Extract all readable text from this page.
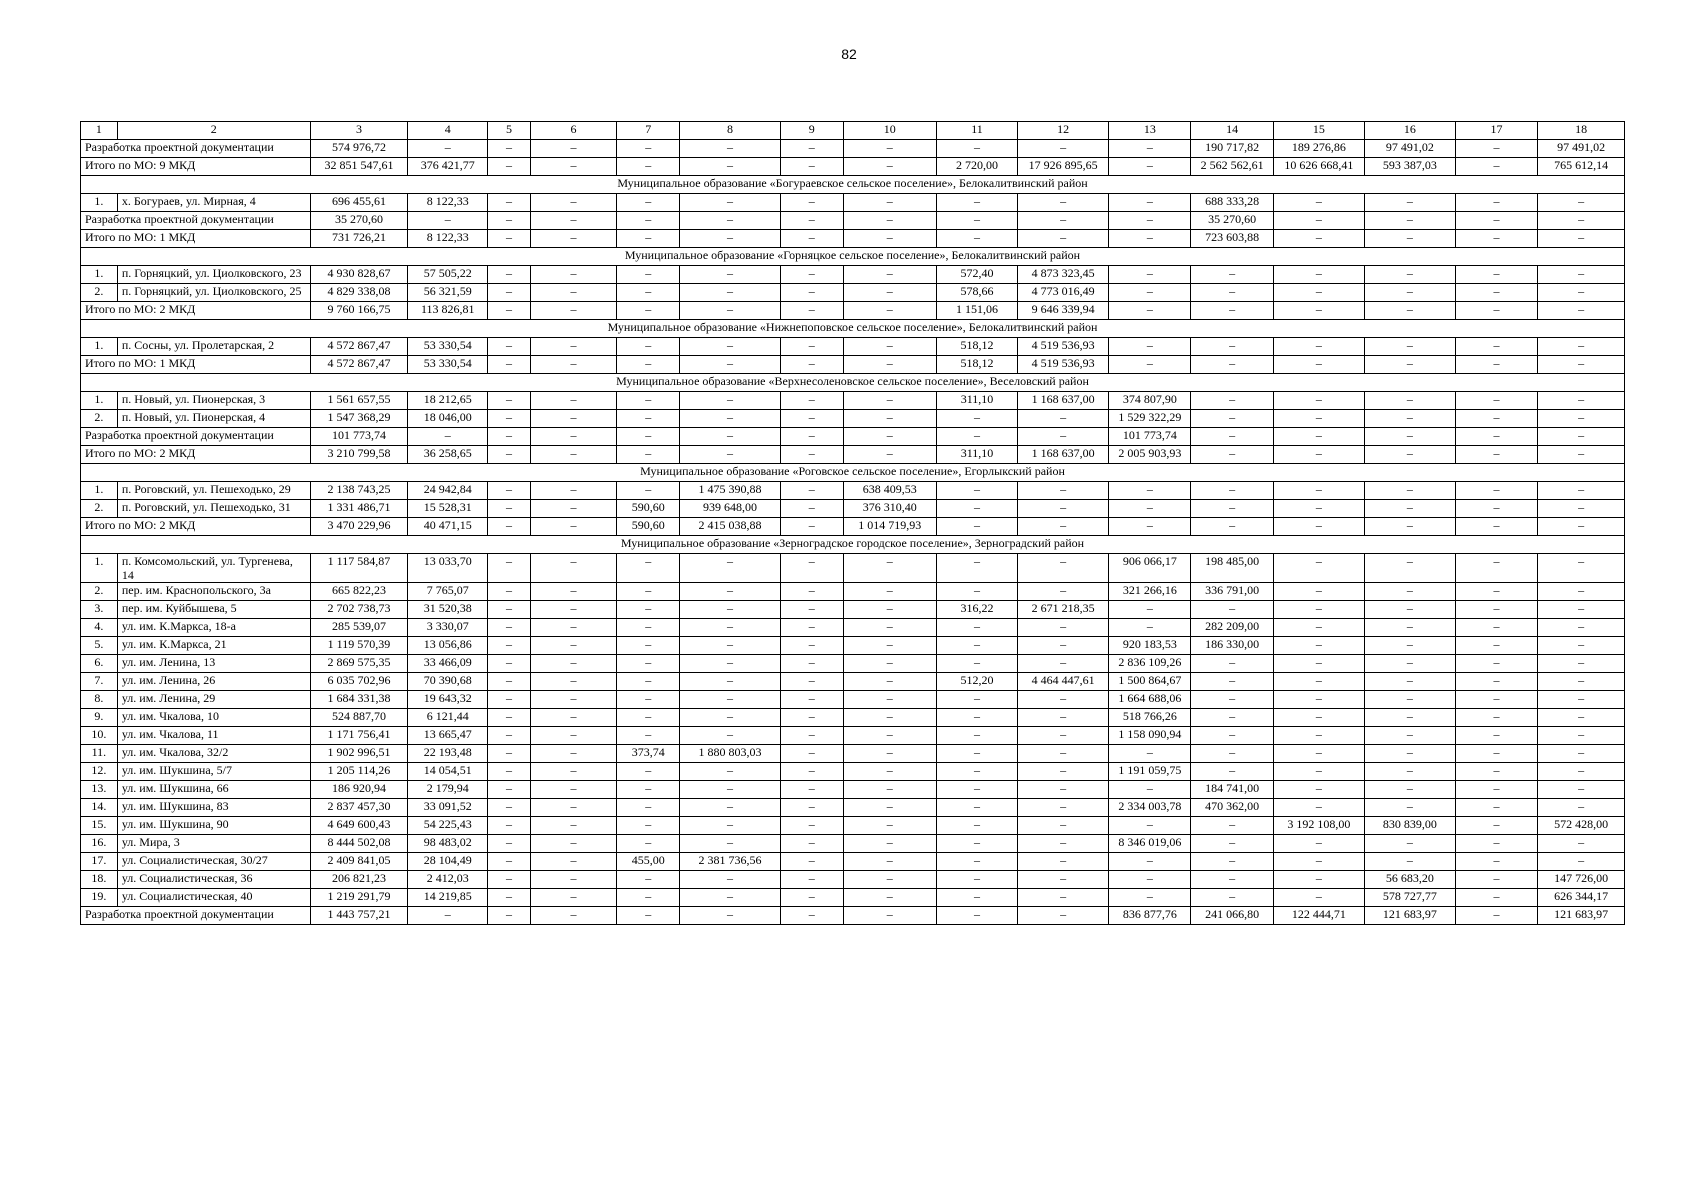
82
1	2	3	4	5	6	7	8	9	10	11	12	13	14	15	16	17	18
Разработка проектной документации		574 976,72	–	–	–	–	–	–	–	–	–	–	190 717,82	189 276,86	97 491,02	–	97 491,02
Итого по МО: 9 МКД		32 851 547,61	376 421,77	–	–	–	–	–	–	2 720,00	17 926 895,65	–	2 562 562,61	10 626 668,41	593 387,03	–	765 612,14
Муниципальное образование «Богураевское сельское поселение», Белокалитвинский район																	
1.	х. Богураев, ул. Мирная, 4	696 455,61	8 122,33	–	–	–	–	–	–	–	–	–	688 333,28	–	–	–	–
Разработка проектной документации		35 270,60	–	–	–	–	–	–	–	–	–	–	35 270,60	–	–	–	–
Итого по МО: 1 МКД		731 726,21	8 122,33	–	–	–	–	–	–	–	–	–	723 603,88	–	–	–	–
Муниципальное образование «Горняцкое сельское поселение», Белокалитвинский район																	
1.	п. Горняцкий, ул. Циолковского, 23	4 930 828,67	57 505,22	–	–	–	–	–	–	572,40	4 873 323,45	–	–	–	–	–	–
2.	п. Горняцкий, ул. Циолковского, 25	4 829 338,08	56 321,59	–	–	–	–	–	–	578,66	4 773 016,49	–	–	–	–	–	–
Итого по МО: 2 МКД		9 760 166,75	113 826,81	–	–	–	–	–	–	1 151,06	9 646 339,94	–	–	–	–	–	–
Муниципальное образование «Нижнепоповское сельское поселение», Белокалитвинский район																	
1.	п. Сосны, ул. Пролетарская, 2	4 572 867,47	53 330,54	–	–	–	–	–	–	518,12	4 519 536,93	–	–	–	–	–	–
Итого по МО: 1 МКД		4 572 867,47	53 330,54	–	–	–	–	–	–	518,12	4 519 536,93	–	–	–	–	–	–
Муниципальное образование «Верхнесоленовское сельское поселение», Веселовский район																	
1.	п. Новый, ул. Пионерская, 3	1 561 657,55	18 212,65	–	–	–	–	–	–	311,10	1 168 637,00	374 807,90	–	–	–	–	–
2.	п. Новый, ул. Пионерская, 4	1 547 368,29	18 046,00	–	–	–	–	–	–	–	–	1 529 322,29	–	–	–	–	–
Разработка проектной документации		101 773,74	–	–	–	–	–	–	–	–	–	101 773,74	–	–	–	–	–
Итого по МО: 2 МКД		3 210 799,58	36 258,65	–	–	–	–	–	–	311,10	1 168 637,00	2 005 903,93	–	–	–	–	–
Муниципальное образование «Роговское сельское поселение», Егорлыкский район																	
1.	п. Роговский, ул. Пешеходько, 29	2 138 743,25	24 942,84	–	–	–	1 475 390,88	–	638 409,53	–	–	–	–	–	–	–	–
2.	п. Роговский, ул. Пешеходько, 31	1 331 486,71	15 528,31	–	–	590,60	939 648,00	–	376 310,40	–	–	–	–	–	–	–	–
Итого по МО: 2 МКД		3 470 229,96	40 471,15	–	–	590,60	2 415 038,88	–	1 014 719,93	–	–	–	–	–	–	–	–
Муниципальное образование «Зерноградское городское поселение», Зерноградский район																	
1.	п. Комсомольский, ул. Тургенева, 14	1 117 584,87	13 033,70	–	–	–	–	–	–	–	–	906 066,17	198 485,00	–	–	–	–
2.	пер. им. Краснопольского, 3а	665 822,23	7 765,07	–	–	–	–	–	–	–	–	321 266,16	336 791,00	–	–	–	–
3.	пер. им. Куйбышева, 5	2 702 738,73	31 520,38	–	–	–	–	–	–	316,22	2 671 218,35	–	–	–	–	–	–
4.	ул. им. К.Маркса, 18-а	285 539,07	3 330,07	–	–	–	–	–	–	–	–	–	282 209,00	–	–	–	–
5.	ул. им. К.Маркса, 21	1 119 570,39	13 056,86	–	–	–	–	–	–	–	–	920 183,53	186 330,00	–	–	–	–
6.	ул. им. Ленина, 13	2 869 575,35	33 466,09	–	–	–	–	–	–	–	–	2 836 109,26	–	–	–	–	–
7.	ул. им. Ленина, 26	6 035 702,96	70 390,68	–	–	–	–	–	–	512,20	4 464 447,61	1 500 864,67	–	–	–	–	–
8.	ул. им. Ленина, 29	1 684 331,38	19 643,32	–	–	–	–	–	–	–	–	1 664 688,06	–	–	–	–	–
9.	ул. им. Чкалова, 10	524 887,70	6 121,44	–	–	–	–	–	–	–	–	518 766,26	–	–	–	–	–
10.	ул. им. Чкалова, 11	1 171 756,41	13 665,47	–	–	–	–	–	–	–	–	1 158 090,94	–	–	–	–	–
11.	ул. им. Чкалова, 32/2	1 902 996,51	22 193,48	–	–	373,74	1 880 803,03	–	–	–	–	–	–	–	–	–	–
12.	ул. им. Шукшина, 5/7	1 205 114,26	14 054,51	–	–	–	–	–	–	–	–	1 191 059,75	–	–	–	–	–
13.	ул. им. Шукшина, 66	186 920,94	2 179,94	–	–	–	–	–	–	–	–	–	184 741,00	–	–	–	–
14.	ул. им. Шукшина, 83	2 837 457,30	33 091,52	–	–	–	–	–	–	–	–	2 334 003,78	470 362,00	–	–	–	–
15.	ул. им. Шукшина, 90	4 649 600,43	54 225,43	–	–	–	–	–	–	–	–	–	–	3 192 108,00	830 839,00	–	572 428,00
16.	ул. Мира, 3	8 444 502,08	98 483,02	–	–	–	–	–	–	–	–	8 346 019,06	–	–	–	–	–
17.	ул. Социалистическая, 30/27	2 409 841,05	28 104,49	–	–	455,00	2 381 736,56	–	–	–	–	–	–	–	–	–	–
18.	ул. Социалистическая, 36	206 821,23	2 412,03	–	–	–	–	–	–	–	–	–	–	–	56 683,20	–	147 726,00
19.	ул. Социалистическая, 40	1 219 291,79	14 219,85	–	–	–	–	–	–	–	–	–	–	–	578 727,77	–	626 344,17
Разработка проектной документации		1 443 757,21	–	–	–	–	–	–	–	–	–	836 877,76	241 066,80	122 444,71	121 683,97	–	121 683,97
